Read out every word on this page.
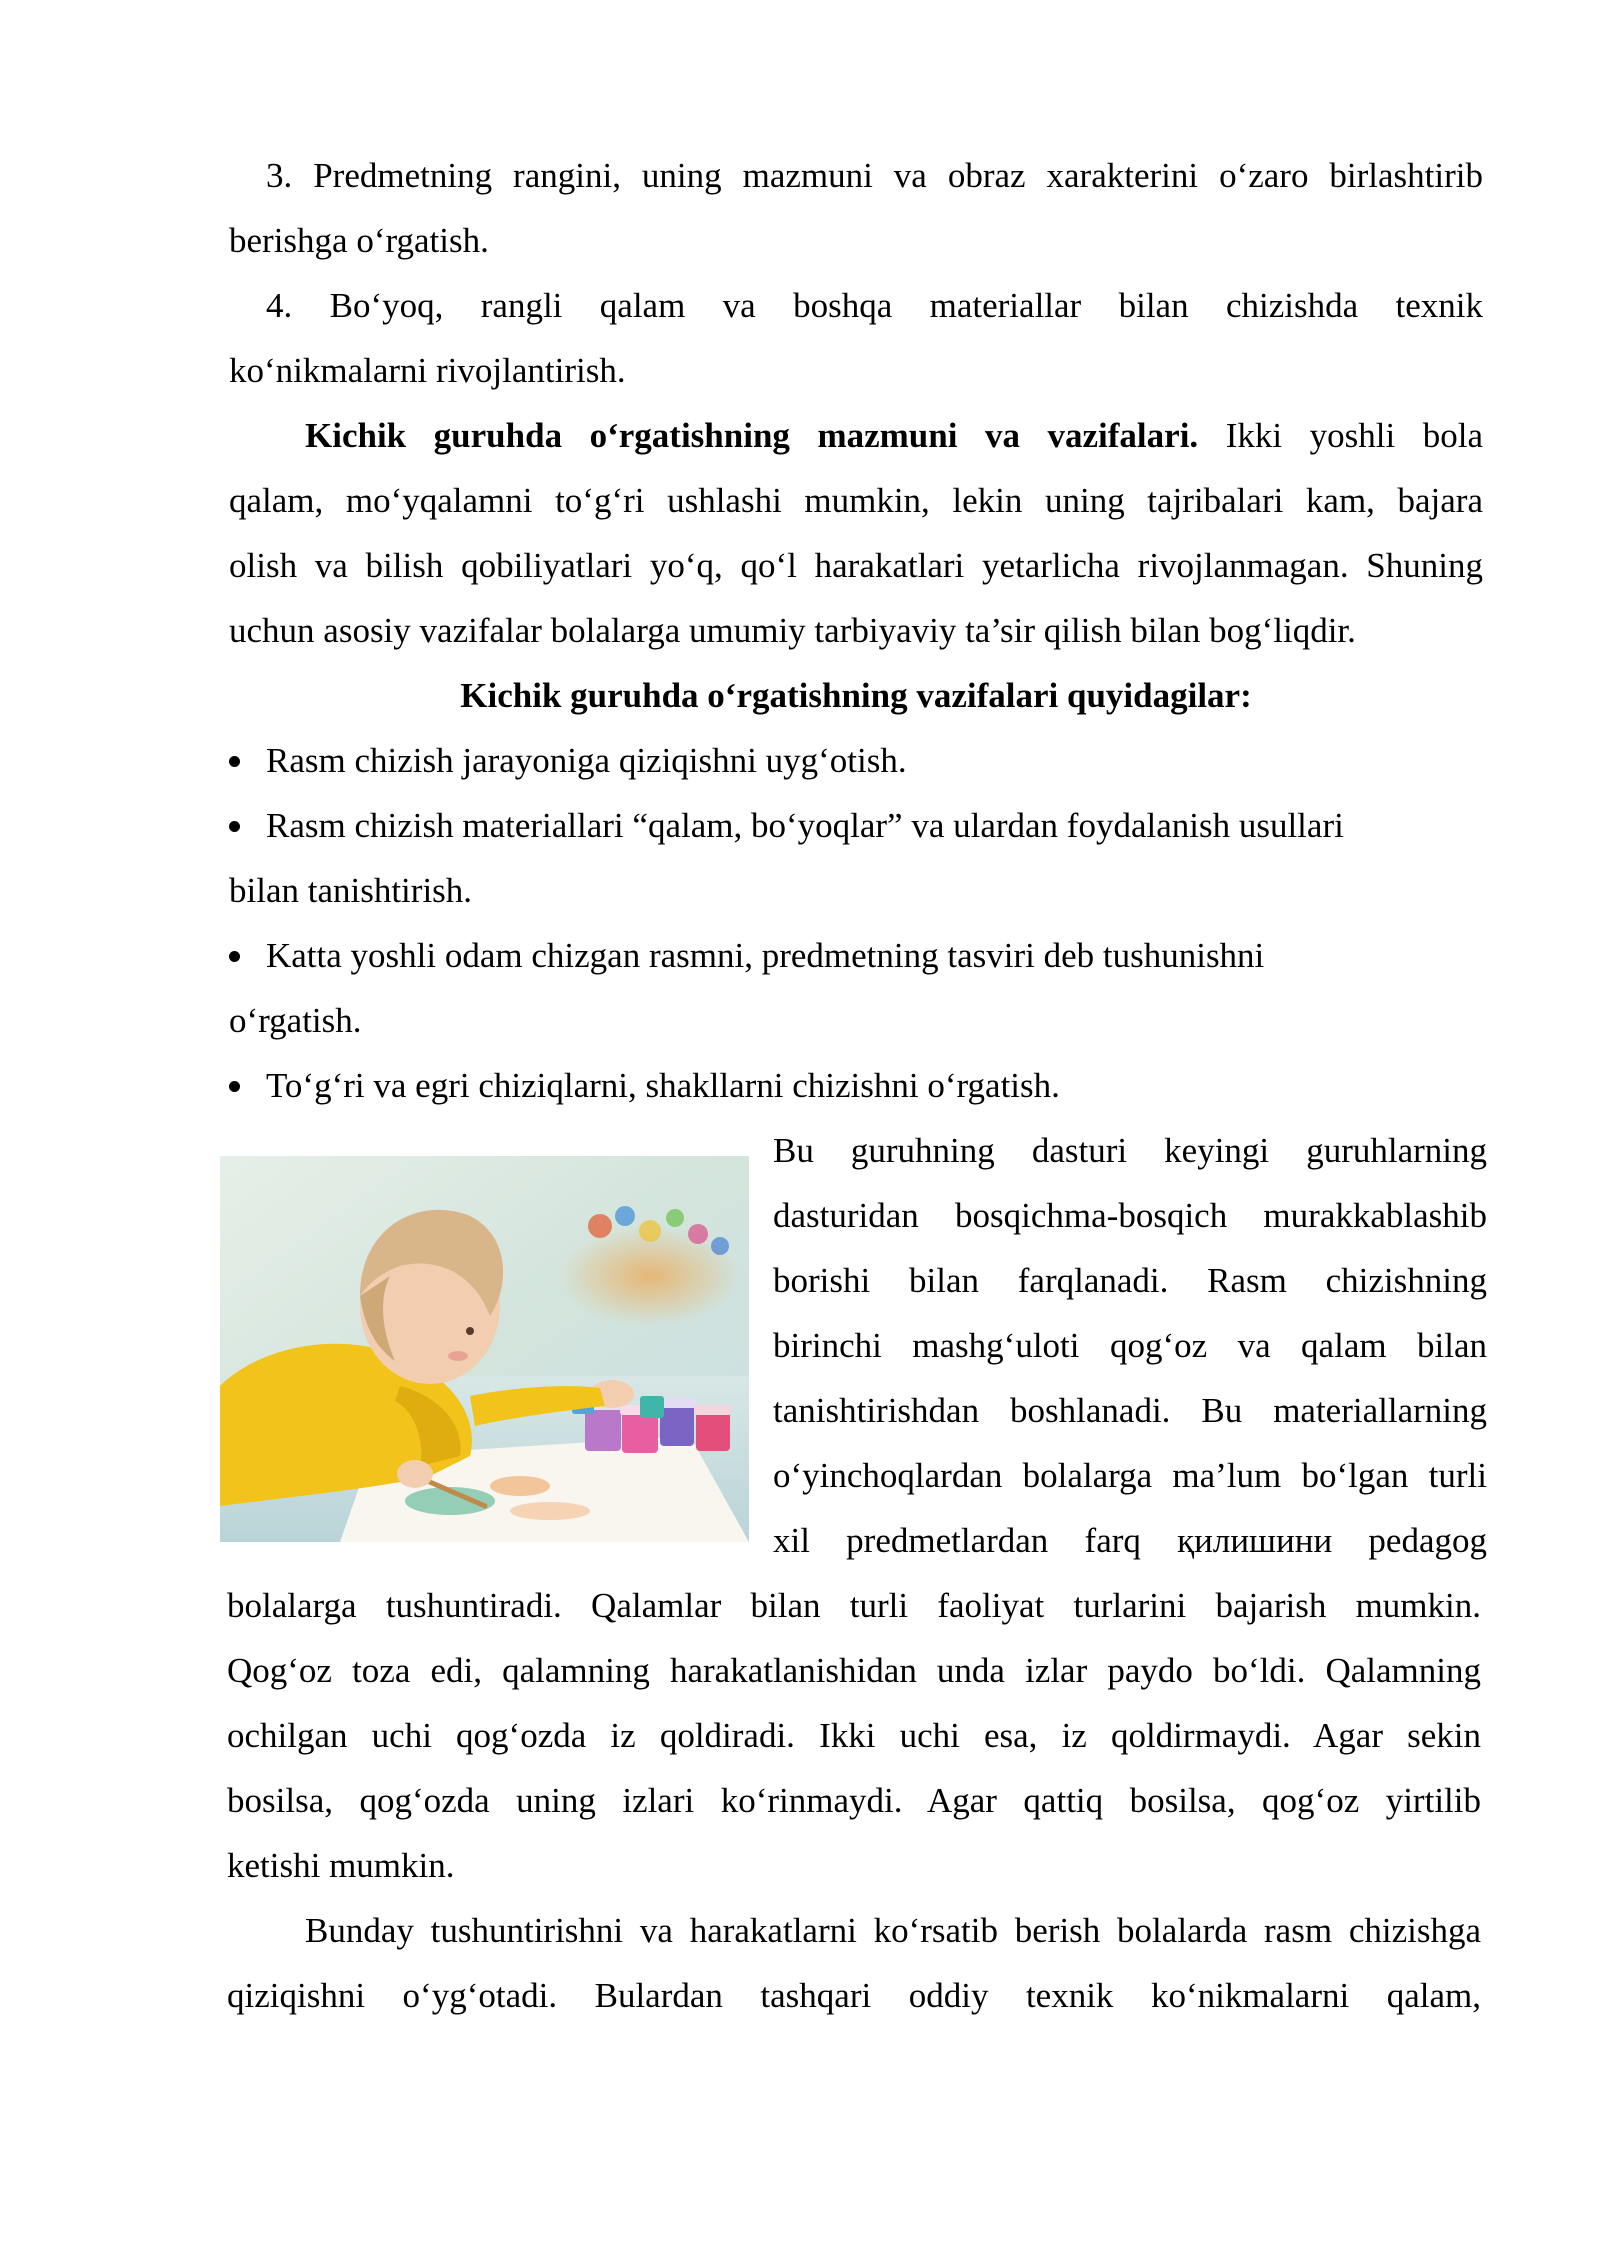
3. Predmetning rangini, uning mazmuni va obraz xarakterini o‘zaro birlashtirib
berishga o‘rgatish.
4. Bo‘yoq, rangli qalam va boshqa materiallar bilan chizishda texnik
ko‘nikmalarni rivojlantirish.
Kichik guruhda o‘rgatishning mazmuni va vazifalari. Ikki yoshli bola
qalam, mo‘yqalamni to‘g‘ri ushlashi mumkin, lekin uning tajribalari kam, bajara
olish va bilish qobiliyatlari yo‘q, qo‘l harakatlari yetarlicha rivojlanmagan. Shuning
uchun asosiy vazifalar bolalarga umumiy tarbiyaviy ta’sir qilish bilan bog‘liqdir.
Kichik guruhda o‘rgatishning vazifalari quyidagilar:
Rasm chizish jarayoniga qiziqishni uyg‘otish.
Rasm chizish materiallari “qalam, bo‘yoqlar” va ulardan foydalanish usullari
bilan tanishtirish.
Katta yoshli odam chizgan rasmni, predmetning tasviri deb tushunishni
o‘rgatish.
To‘g‘ri va egri chiziqlarni, shakllarni chizishni o‘rgatish.
Bu guruhning dasturi keyingi guruhlarning
dasturidan bosqichma-bosqich murakkablashib
borishi bilan farqlanadi. Rasm chizishning
birinchi mashg‘uloti qog‘oz va qalam bilan
tanishtirishdan boshlanadi. Bu materiallarning
o‘yinchoqlardan bolalarga ma’lum bo‘lgan turli
xil predmetlardan farq қилишини pedagog
bolalarga tushuntiradi. Qalamlar bilan turli faoliyat turlarini bajarish mumkin.
Qog‘oz toza edi, qalamning harakatlanishidan unda izlar paydo bo‘ldi. Qalamning
ochilgan uchi qog‘ozda iz qoldiradi. Ikki uchi esa, iz qoldirmaydi. Agar sekin
bosilsa, qog‘ozda uning izlari ko‘rinmaydi. Agar qattiq bosilsa, qog‘oz yirtilib
ketishi mumkin.
Bunday tushuntirishni va harakatlarni ko‘rsatib berish bolalarda rasm chizishga
qiziqishni o‘yg‘otadi. Bulardan tashqari oddiy texnik ko‘nikmalarni qalam,
